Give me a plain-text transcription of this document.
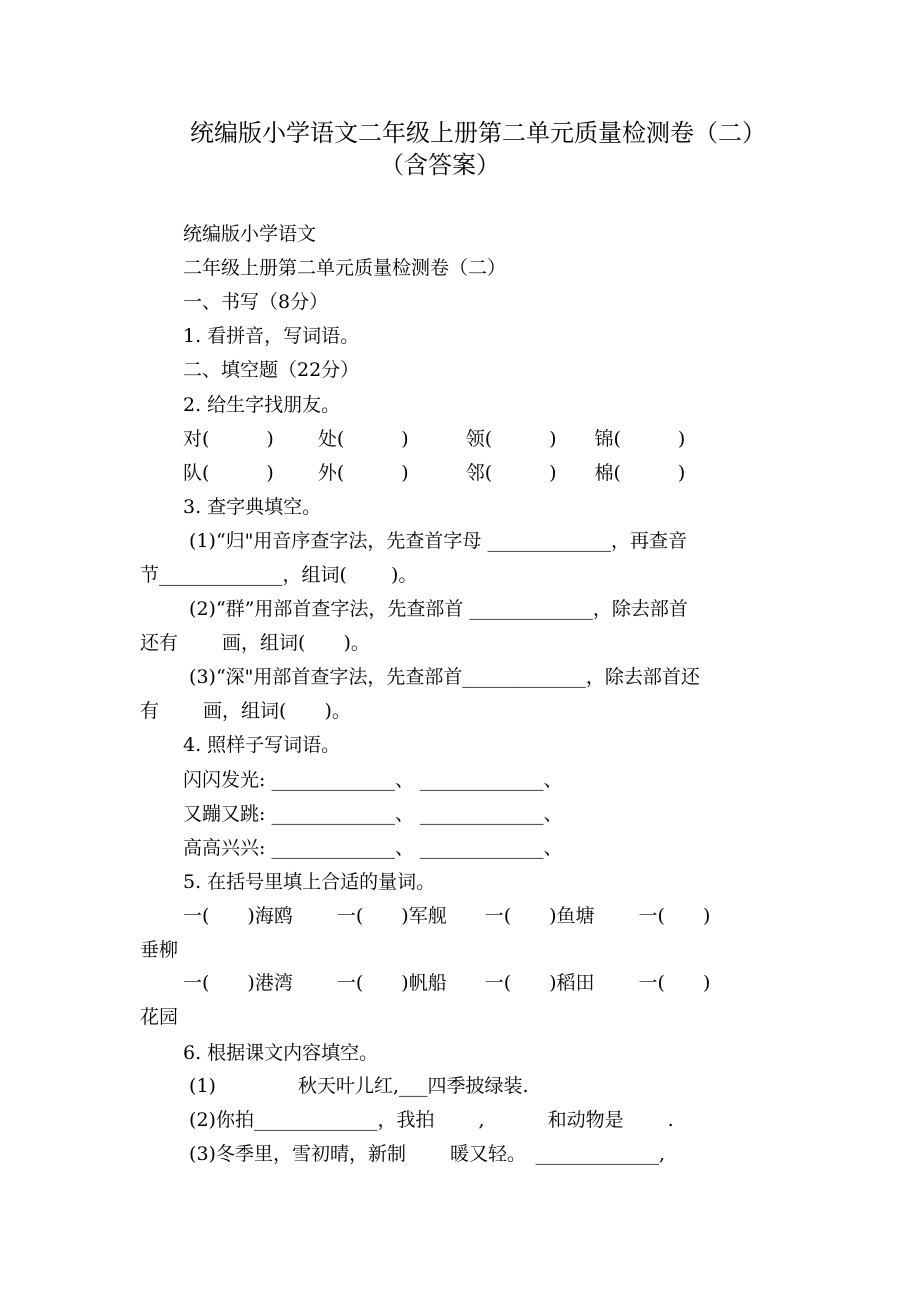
统编版小学语文二年级上册第二单元质量检测卷（二）
（含答案）
统编版小学语文
二年级上册第二单元质量检测卷（二）
一、书写（8分）
1. 看拼音，写词语。
二、填空题（22分）
2. 给生字找朋友。
对(　　　)　　 处(　　　)　　　领(　　　)　　锦(　　　)
队(　　　)　　 外(　　　)　　　邻(　　　)　　棉(　　　)
3. 查字典填空。
(1)“归"用音序查字法，先查首字母 _____________，再查音
节_____________，组词(　　 )。
(2)“群”用部首查字法，先查部首 _____________，除去部首
还有　　 画，组词(　　)。
(3)“深"用部首查字法，先查部首_____________，除去部首还
有　　 画，组词(　　)。
4. 照样子写词语。
闪闪发光: _____________、 _____________、
又蹦又跳: _____________、 _____________、
高高兴兴: _____________、 _____________、
5. 在括号里填上合适的量词。
一(　　)海鸥　　 一(　　)军舰　　一(　　)鱼塘　　 一(　　)
垂柳
一(　　)港湾　　 一(　　)帆船　　一(　　)稻田　　 一(　　)
花园
6. 根据课文内容填空。
(1)　　　　 秋天叶儿红,___四季披绿装.
(2)你拍_____________，我拍　　 ,　　　 和动物是　　 .
(3)冬季里，雪初晴，新制　　 暖又轻。　_____________,
